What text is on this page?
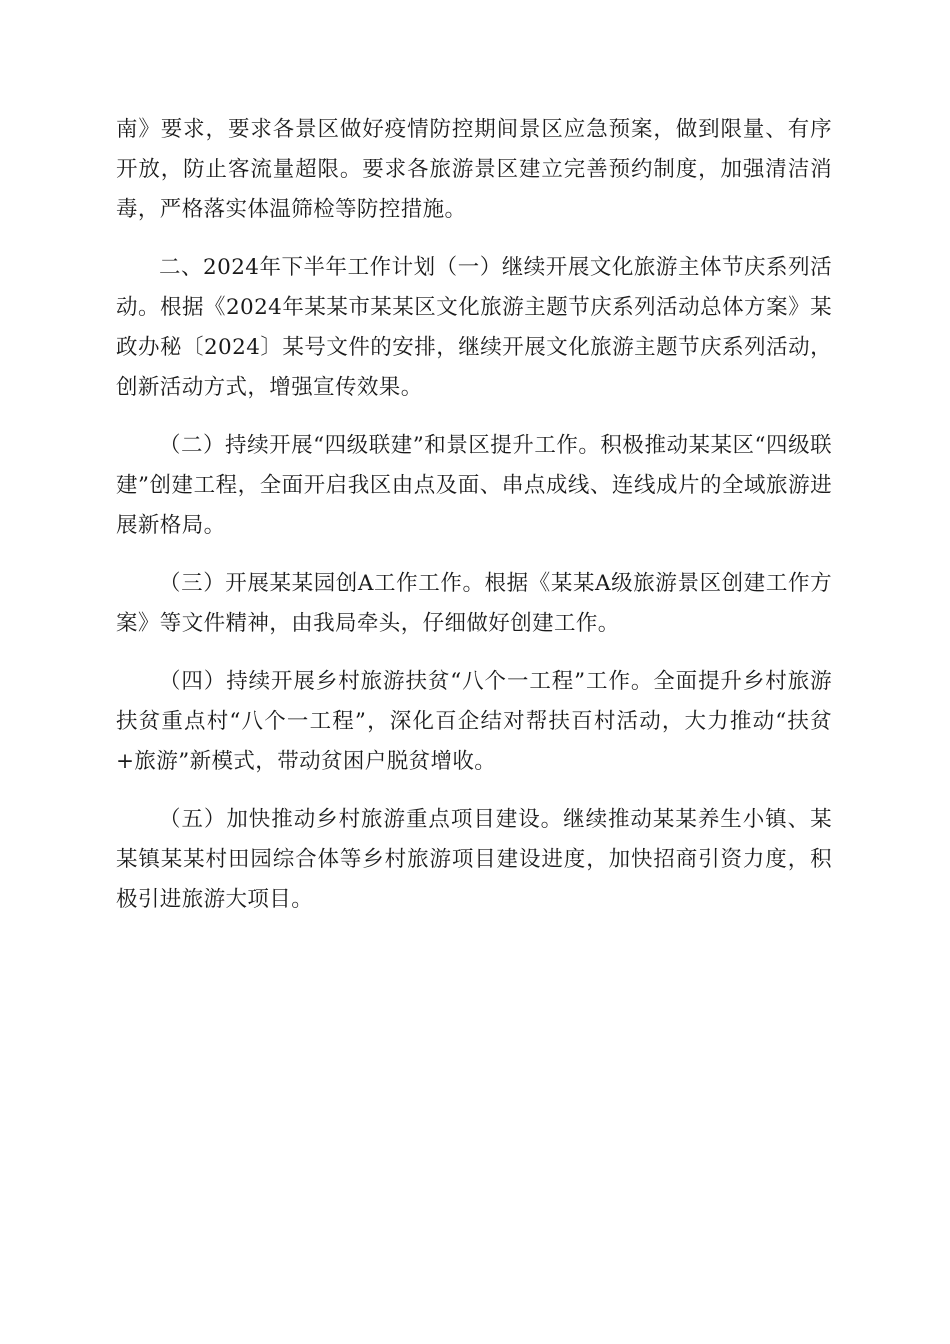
南》要求，要求各景区做好疫情防控期间景区应急预案，做到限量、有序开放，防止客流量超限。要求各旅游景区建立完善预约制度，加强清洁消毒，严格落实体温筛检等防控措施。

二、2024年下半年工作计划（一）继续开展文化旅游主体节庆系列活动。根据《2024年某某市某某区文化旅游主题节庆系列活动总体方案》某政办秘〔2024〕某号文件的安排，继续开展文化旅游主题节庆系列活动，创新活动方式，增强宣传效果。

（二）持续开展“四级联建”和景区提升工作。积极推动某某区“四级联建”创建工程，全面开启我区由点及面、串点成线、连线成片的全域旅游进展新格局。

（三）开展某某园创A工作工作。根据《某某A级旅游景区创建工作方案》等文件精神，由我局牵头，仔细做好创建工作。

（四）持续开展乡村旅游扶贫“八个一工程”工作。全面提升乡村旅游扶贫重点村“八个一工程”，深化百企结对帮扶百村活动，大力推动“扶贫+旅游”新模式，带动贫困户脱贫增收。

（五）加快推动乡村旅游重点项目建设。继续推动某某养生小镇、某某镇某某村田园综合体等乡村旅游项目建设进度，加快招商引资力度，积极引进旅游大项目。
